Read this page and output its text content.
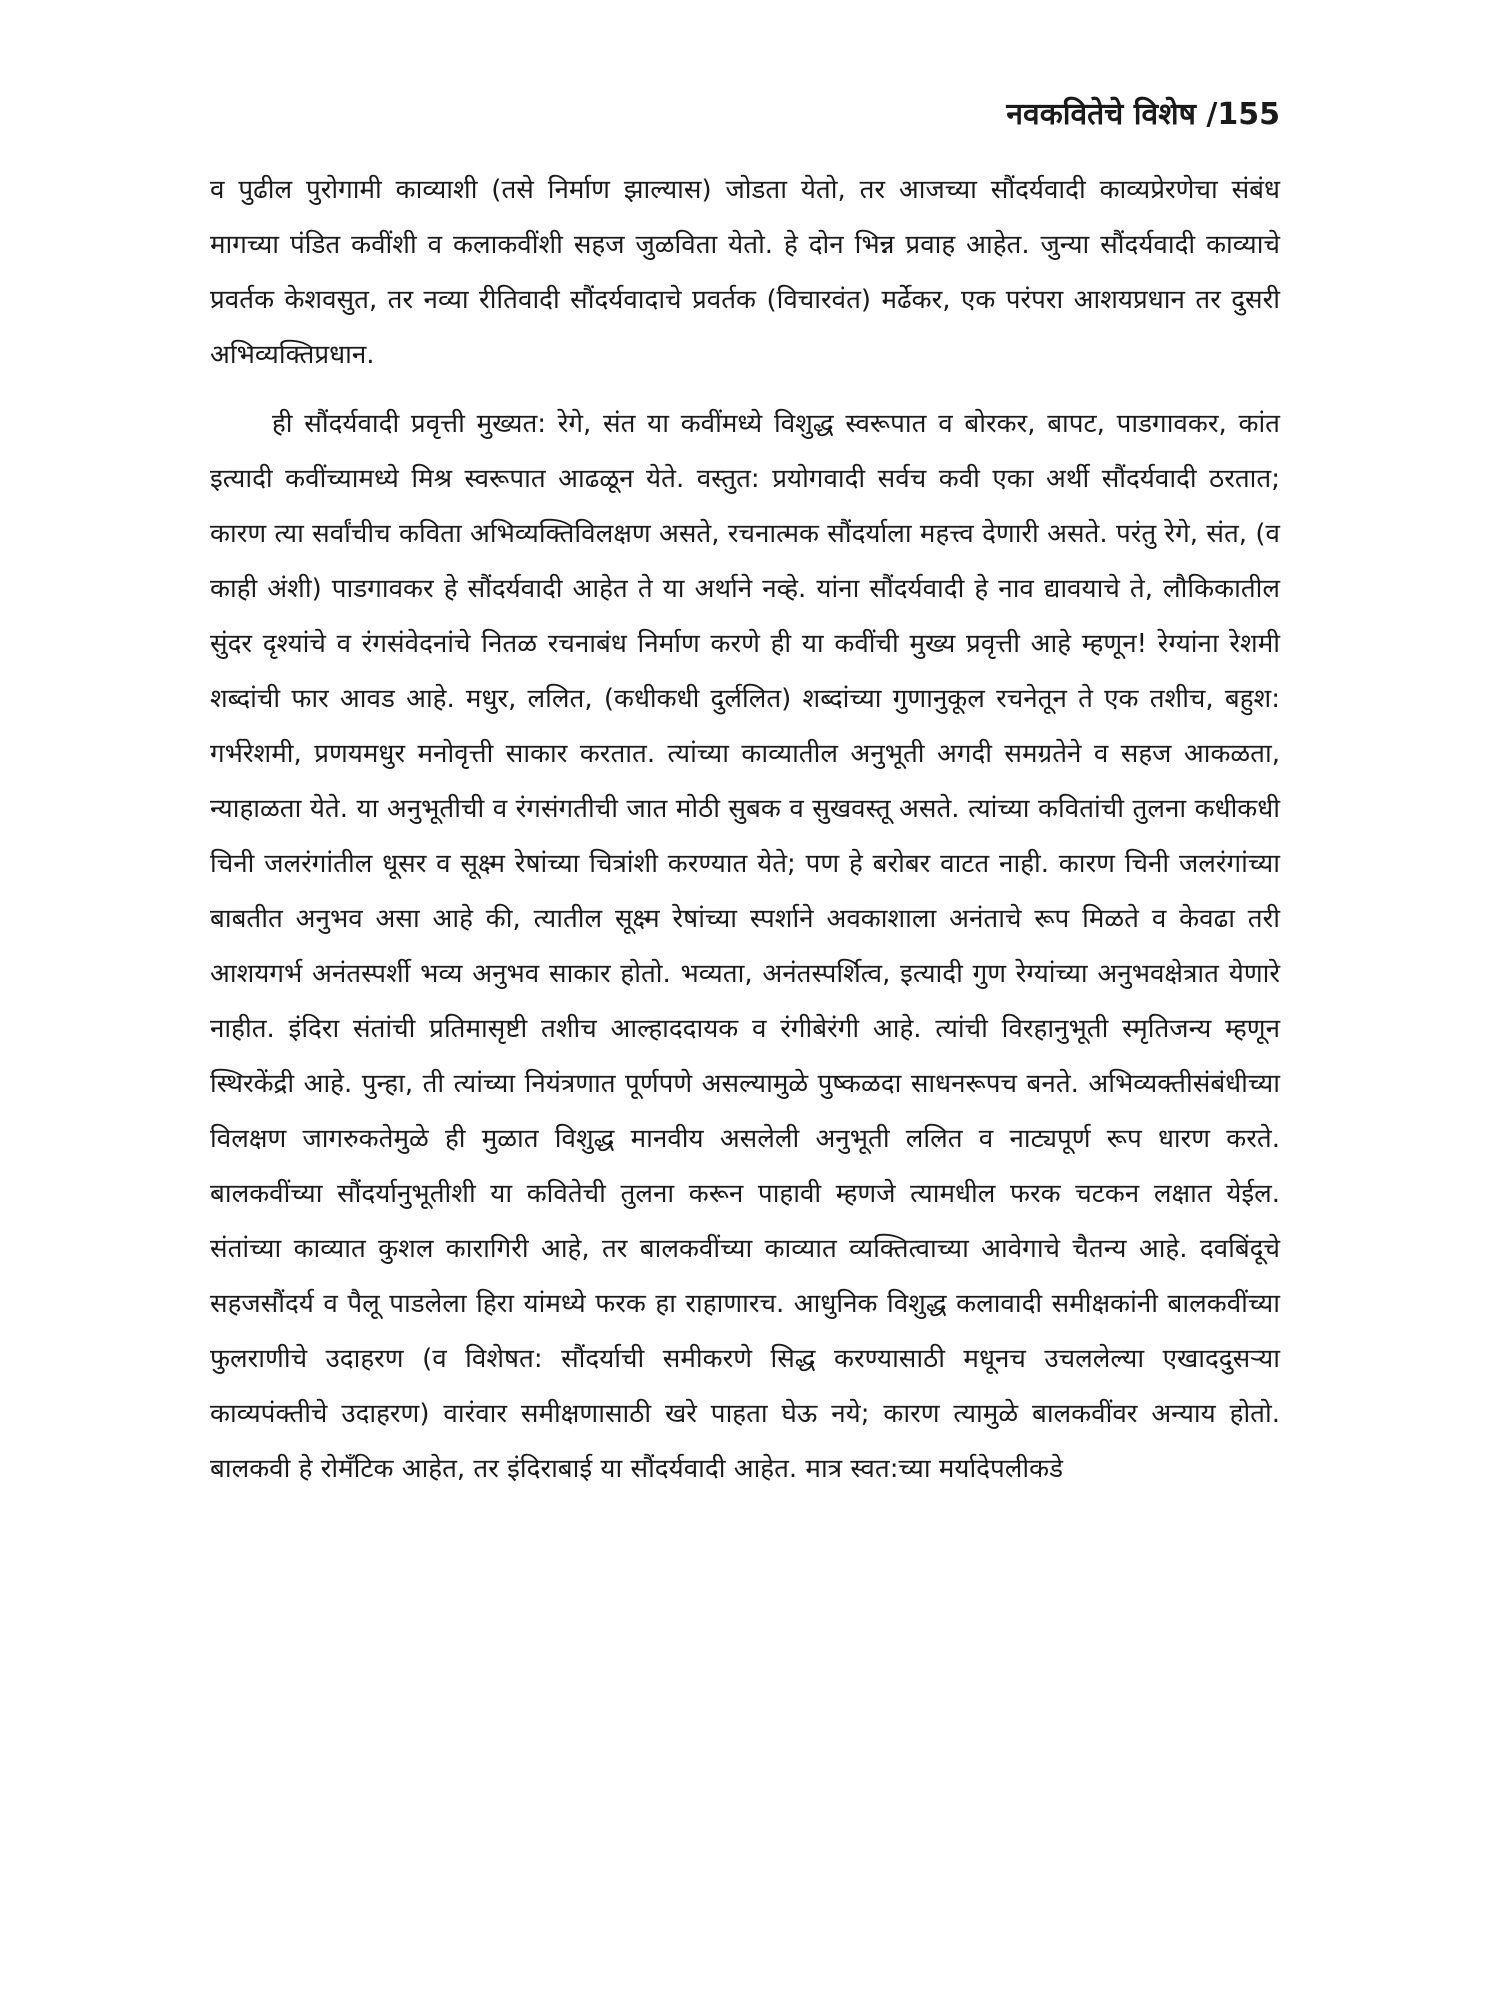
नवकवितेचे विशेष /155

व पुढील पुरोगामी काव्याशी (तसे निर्माण झाल्यास) जोडता येतो, तर आजच्या सौंदर्यवादी काव्यप्रेरणेचा संबंध मागच्या पंडित कवींशी व कलाकवींशी सहज जुळविता येतो. हे दोन भिन्न प्रवाह आहेत. जुन्या सौंदर्यवादी काव्याचे प्रवर्तक केशवसुत, तर नव्या रीतिवादी सौंदर्यवादाचे प्रवर्तक (विचारवंत) मर्ढेकर, एक परंपरा आशयप्रधान तर दुसरी अभिव्यक्तिप्रधान.

ही सौंदर्यवादी प्रवृत्ती मुख्यत: रेगे, संत या कवींमध्ये विशुद्ध स्वरूपात व बोरकर, बापट, पाडगावकर, कांत इत्यादी कवींच्यामध्ये मिश्र स्वरूपात आढळून येते. वस्तुत: प्रयोगवादी सर्वच कवी एका अर्थी सौंदर्यवादी ठरतात; कारण त्या सर्वांचीच कविता अभिव्यक्तिविलक्षण असते, रचनात्मक सौंदर्याला महत्त्व देणारी असते. परंतु रेगे, संत, (व काही अंशी) पाडगावकर हे सौंदर्यवादी आहेत ते या अर्थाने नव्हे. यांना सौंदर्यवादी हे नाव द्यावयाचे ते, लौकिकातील सुंदर दृश्यांचे व रंगसंवेदनांचे नितळ रचनाबंध निर्माण करणे ही या कवींची मुख्य प्रवृत्ती आहे म्हणून! रेग्यांना रेशमी शब्दांची फार आवड आहे. मधुर, ललित, (कधीकधी दुर्ललित) शब्दांच्या गुणानुकूल रचनेतून ते एक तशीच, बहुश: गर्भरेशमी, प्रणयमधुर मनोवृत्ती साकार करतात. त्यांच्या काव्यातील अनुभूती अगदी समग्रतेने व सहज आकळता, न्याहाळता येते. या अनुभूतीची व रंगसंगतीची जात मोठी सुबक व सुखवस्तू असते. त्यांच्या कवितांची तुलना कधीकधी चिनी जलरंगांतील धूसर व सूक्ष्म रेषांच्या चित्रांशी करण्यात येते; पण हे बरोबर वाटत नाही. कारण चिनी जलरंगांच्या बाबतीत अनुभव असा आहे की, त्यातील सूक्ष्म रेषांच्या स्पर्शाने अवकाशाला अनंताचे रूप मिळते व केवढा तरी आशयगर्भ अनंतस्पर्शी भव्य अनुभव साकार होतो. भव्यता, अनंतस्पर्शित्व, इत्यादी गुण रेग्यांच्या अनुभवक्षेत्रात येणारे नाहीत. इंदिरा संतांची प्रतिमासृष्टी तशीच आल्हाददायक व रंगीबेरंगी आहे. त्यांची विरहानुभूती स्मृतिजन्य म्हणून स्थिरकेंद्री आहे. पुन्हा, ती त्यांच्या नियंत्रणात पूर्णपणे असल्यामुळे पुष्कळदा साधनरूपच बनते. अभिव्यक्तीसंबंधीच्या विलक्षण जागरुकतेमुळे ही मुळात विशुद्ध मानवीय असलेली अनुभूती ललित व नाट्यपूर्ण रूप धारण करते. बालकवींच्या सौंदर्यानुभूतीशी या कवितेची तुलना करून पाहावी म्हणजे त्यामधील फरक चटकन लक्षात येईल. संतांच्या काव्यात कुशल कारागिरी आहे, तर बालकवींच्या काव्यात व्यक्तित्वाच्या आवेगाचे चैतन्य आहे. दवबिंदूचे सहजसौंदर्य व पैलू पाडलेला हिरा यांमध्ये फरक हा राहाणारच. आधुनिक विशुद्ध कलावादी समीक्षकांनी बालकवींच्या फुलराणीचे उदाहरण (व विशेषत: सौंदर्याची समीकरणे सिद्ध करण्यासाठी मधूनच उचललेल्या एखाददुसऱ्या काव्यपंक्तीचे उदाहरण) वारंवार समीक्षणासाठी खरे पाहता घेऊ नये; कारण त्यामुळे बालकवींवर अन्याय होतो. बालकवी हे रोमँटिक आहेत, तर इंदिराबाई या सौंदर्यवादी आहेत. मात्र स्वत:च्या मर्यादेपलीकडे
